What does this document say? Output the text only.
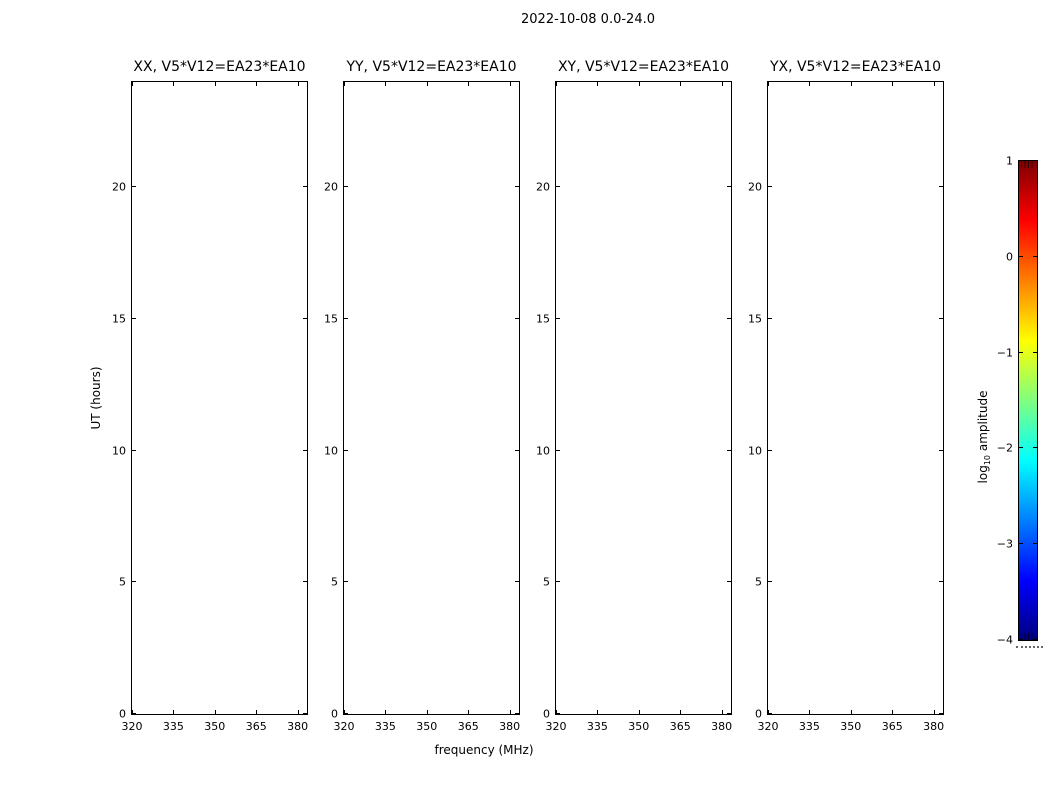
2022-10-08 0.0-24.0
XX, V5*V12=EA23*EA10
320 335 350 365 380
0
5
10
15
20
YY, V5*V12=EA23*EA10
320 335 350 365 380
0
5
10
15
20
XY, V5*V12=EA23*EA10
320 335 350 365 380
0
5
10
15
20
YX, V5*V12=EA23*EA10
320 335 350 365 380
0
5
10
15
20
frequency (MHz)
UT (hours)
1
0
−1
−2
−3
−4
$\log_{10}$ amplitude
